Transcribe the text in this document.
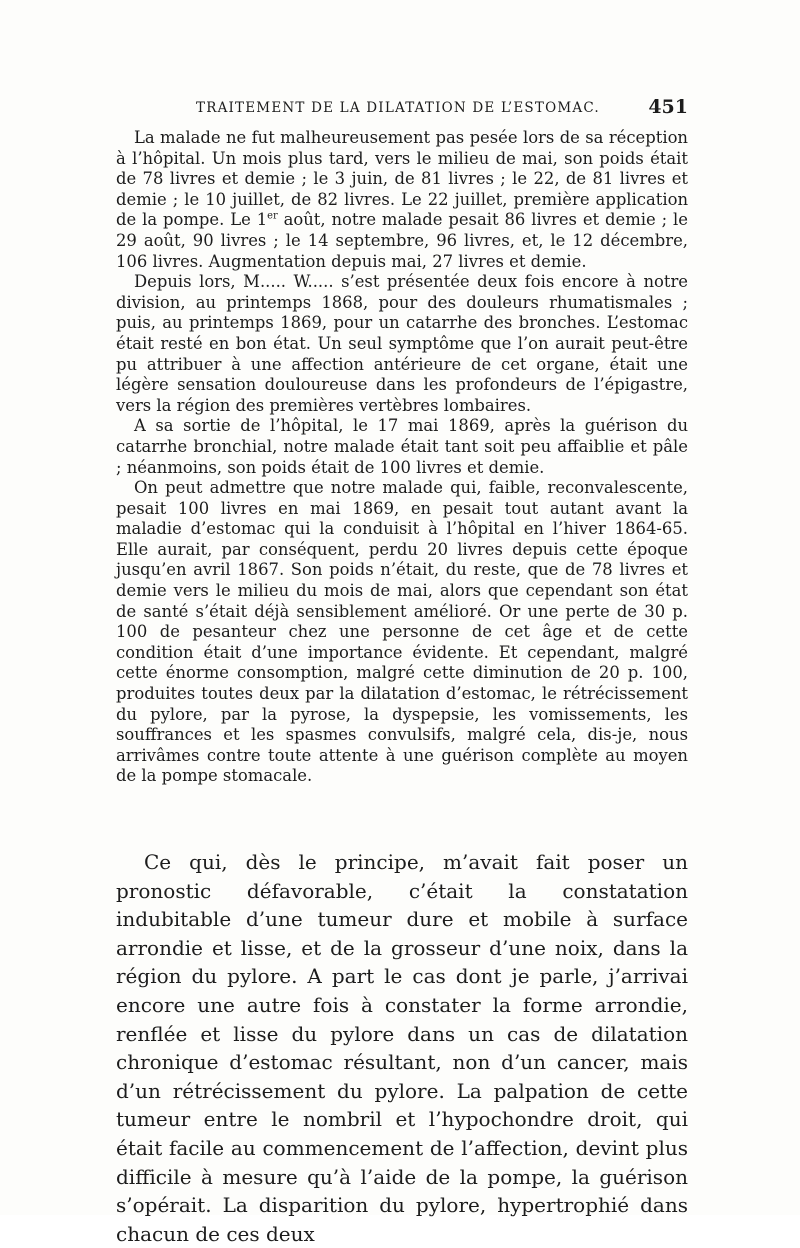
TRAITEMENT DE LA DILATATION DE L’ESTOMAC.	451

La malade ne fut malheureusement pas pesée lors de sa réception à l’hôpital. Un mois plus tard, vers le milieu de mai, son poids était de 78 livres et demie ; le 3 juin, de 81 livres ; le 22, de 81 livres et demie ; le 10 juillet, de 82 livres. Le 22 juillet, première application de la pompe. Le 1er août, notre malade pesait 86 livres et demie ; le 29 août, 90 livres ; le 14 septembre, 96 livres, et, le 12 décembre, 106 livres. Augmentation depuis mai, 27 livres et demie.

Depuis lors, M..... W..... s’est présentée deux fois encore à notre division, au printemps 1868, pour des douleurs rhumatismales ; puis, au printemps 1869, pour un catarrhe des bronches. L’estomac était resté en bon état. Un seul symptôme que l’on aurait peut-être pu attribuer à une affection antérieure de cet organe, était une légère sensation douloureuse dans les profondeurs de l’épigastre, vers la région des premières vertèbres lombaires.

A sa sortie de l’hôpital, le 17 mai 1869, après la guérison du catarrhe bronchial, notre malade était tant soit peu affaiblie et pâle ; néanmoins, son poids était de 100 livres et demie.

On peut admettre que notre malade qui, faible, reconvalescente, pesait 100 livres en mai 1869, en pesait tout autant avant la maladie d’estomac qui la conduisit à l’hôpital en l’hiver 1864-65. Elle aurait, par conséquent, perdu 20 livres depuis cette époque jusqu’en avril 1867. Son poids n’était, du reste, que de 78 livres et demie vers le milieu du mois de mai, alors que cependant son état de santé s’était déjà sensiblement amélioré. Or une perte de 30 p. 100 de pesanteur chez une personne de cet âge et de cette condition était d’une importance évidente. Et cependant, malgré cette énorme consomption, malgré cette diminution de 20 p. 100, produites toutes deux par la dilatation d’estomac, le rétrécissement du pylore, par la pyrose, la dyspepsie, les vomissements, les souffrances et les spasmes convulsifs, malgré cela, dis-je, nous arrivâmes contre toute attente à une guérison complète au moyen de la pompe stomacale.

Ce qui, dès le principe, m’avait fait poser un pronostic défavorable, c’était la constatation indubitable d’une tumeur dure et mobile à surface arrondie et lisse, et de la grosseur d’une noix, dans la région du pylore. A part le cas dont je parle, j’arrivai encore une autre fois à constater la forme arrondie, renflée et lisse du pylore dans un cas de dilatation chronique d’estomac résultant, non d’un cancer, mais d’un rétrécissement du pylore. La palpation de cette tumeur entre le nombril et l’hypochondre droit, qui était facile au commencement de l’affection, devint plus difficile à mesure qu’à l’aide de la pompe, la guérison s’opérait. La disparition du pylore, hypertrophié dans chacun de ces deux
